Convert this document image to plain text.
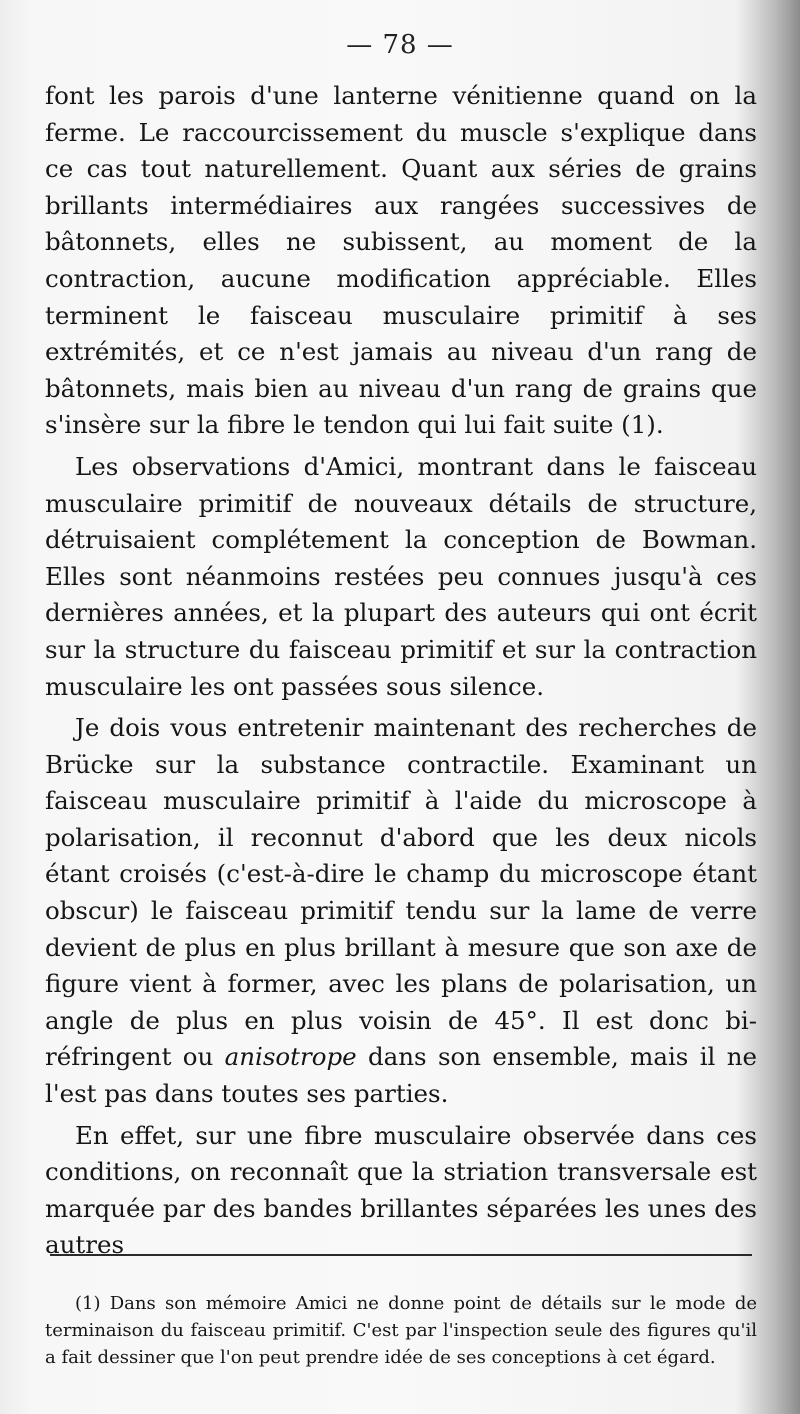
— 78 —

font les parois d'une lanterne vénitienne quand on la ferme. Le raccourcissement du muscle s'explique dans ce cas tout naturellement. Quant aux séries de grains brillants intermédiaires aux rangées successives de bâtonnets, elles ne subissent, au moment de la contraction, aucune modification appréciable. Elles terminent le faisceau musculaire primitif à ses extrémités, et ce n'est jamais au niveau d'un rang de bâtonnets, mais bien au niveau d'un rang de grains que s'insère sur la fibre le tendon qui lui fait suite (1).

Les observations d'Amici, montrant dans le faisceau musculaire primitif de nouveaux détails de structure, détruisaient complétement la conception de Bowman. Elles sont néanmoins restées peu connues jusqu'à ces dernières années, et la plupart des auteurs qui ont écrit sur la structure du faisceau primitif et sur la contraction musculaire les ont passées sous silence.

Je dois vous entretenir maintenant des recherches de Brücke sur la substance contractile. Examinant un faisceau musculaire primitif à l'aide du microscope à polarisation, il reconnut d'abord que les deux nicols étant croisés (c'est-à-dire le champ du microscope étant obscur) le faisceau primitif tendu sur la lame de verre devient de plus en plus brillant à mesure que son axe de figure vient à former, avec les plans de polarisation, un angle de plus en plus voisin de 45°. Il est donc bi-réfringent ou anisotrope dans son ensemble, mais il ne l'est pas dans toutes ses parties.

En effet, sur une fibre musculaire observée dans ces conditions, on reconnaît que la striation transversale est marquée par des bandes brillantes séparées les unes des autres

(1) Dans son mémoire Amici ne donne point de détails sur le mode de terminaison du faisceau primitif. C'est par l'inspection seule des figures qu'il a fait dessiner que l'on peut prendre idée de ses conceptions à cet égard.
